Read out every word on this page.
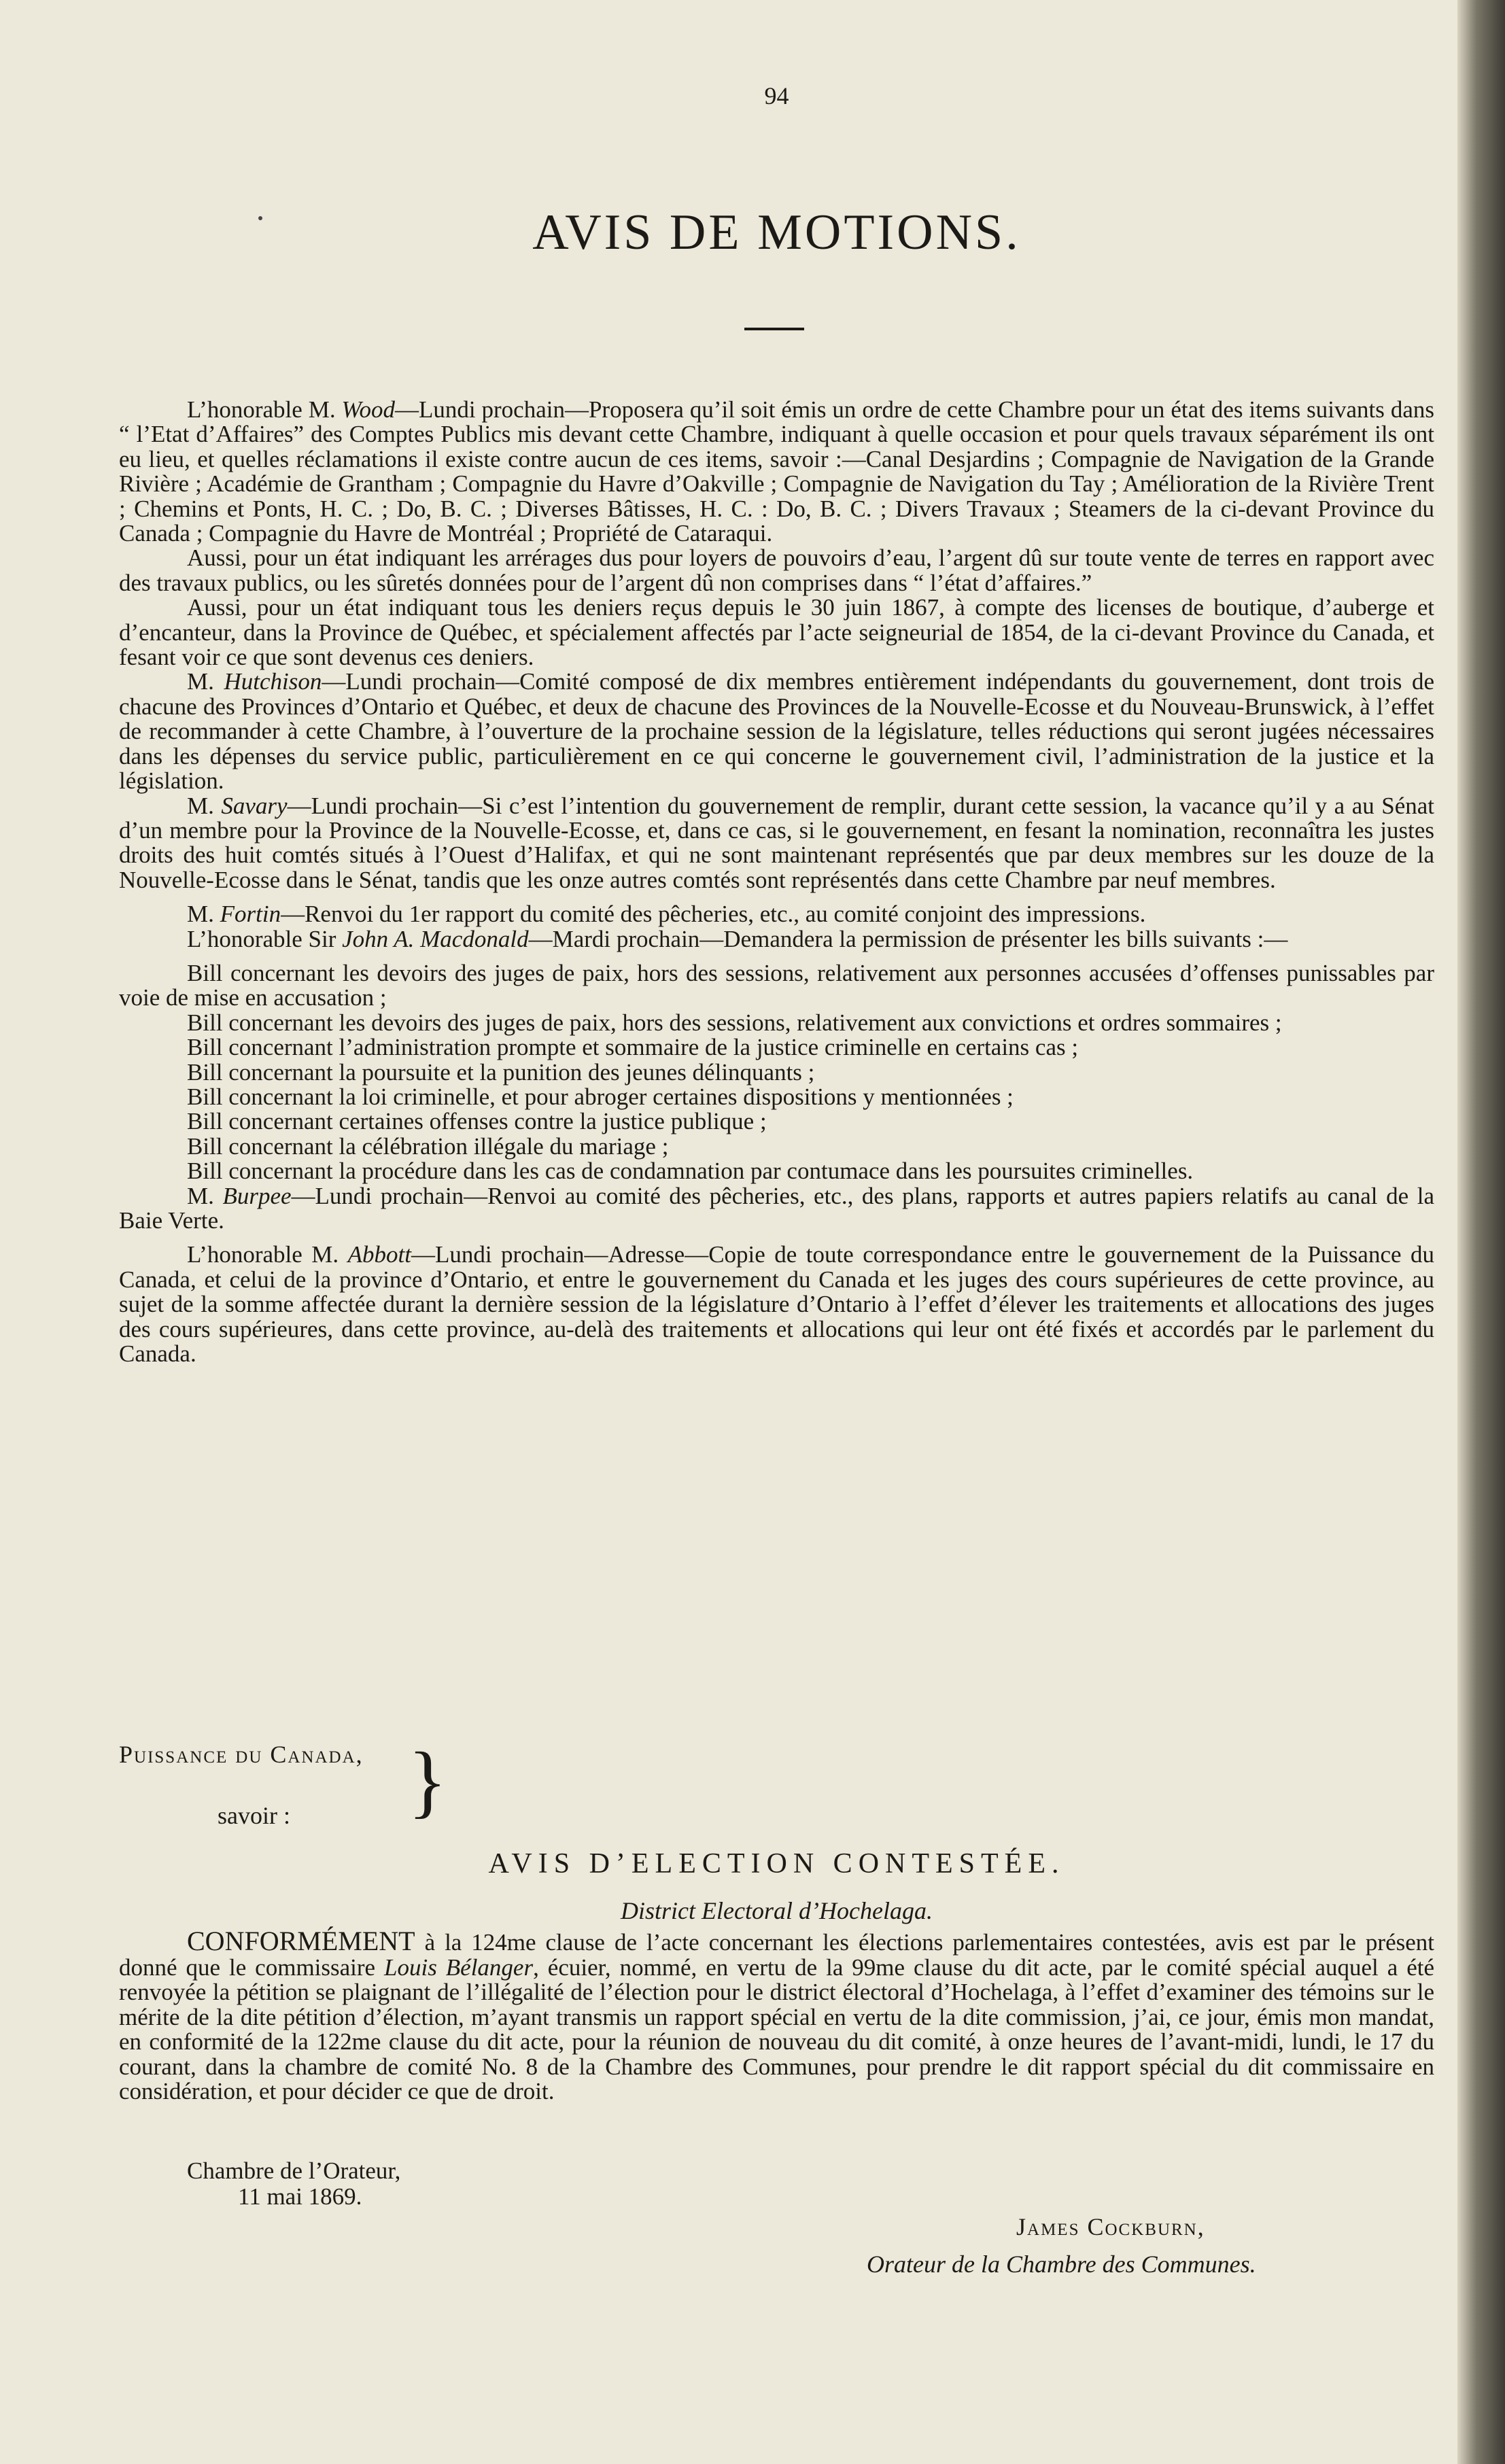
94
AVIS DE MOTIONS.

L’honorable M. Wood—Lundi prochain—Proposera qu’il soit émis un ordre de cette Chambre pour un état des items suivants dans “ l’Etat d’Affaires” des Comptes Publics mis devant cette Chambre, indiquant à quelle occasion et pour quels travaux séparément ils ont eu lieu, et quelles réclamations il existe contre aucun de ces items, savoir :—Canal Desjardins ; Compagnie de Navigation de la Grande Rivière ; Académie de Grantham ; Compagnie du Havre d’Oakville ; Compagnie de Navigation du Tay ; Amélioration de la Rivière Trent ; Chemins et Ponts, H. C. ; Do, B. C. ; Diverses Bâtisses, H. C. : Do, B. C. ; Divers Travaux ; Steamers de la ci-devant Province du Canada ; Compagnie du Havre de Montréal ; Propriété de Cataraqui.

Aussi, pour un état indiquant les arrérages dus pour loyers de pouvoirs d’eau, l’argent dû sur toute vente de terres en rapport avec des travaux publics, ou les sûretés données pour de l’argent dû non comprises dans “ l’état d’affaires.”

Aussi, pour un état indiquant tous les deniers reçus depuis le 30 juin 1867, à compte des licenses de boutique, d’auberge et d’encanteur, dans la Province de Québec, et spécialement affectés par l’acte seigneurial de 1854, de la ci-devant Province du Canada, et fesant voir ce que sont devenus ces deniers.

M. Hutchison—Lundi prochain—Comité composé de dix membres entièrement indépendants du gouvernement, dont trois de chacune des Provinces d’Ontario et Québec, et deux de chacune des Provinces de la Nouvelle-Ecosse et du Nouveau-Brunswick, à l’effet de recommander à cette Chambre, à l’ouverture de la prochaine session de la législature, telles réductions qui seront jugées nécessaires dans les dépenses du service public, particulièrement en ce qui concerne le gouvernement civil, l’administration de la justice et la législation.

M. Savary—Lundi prochain—Si c’est l’intention du gouvernement de remplir, durant cette session, la vacance qu’il y a au Sénat d’un membre pour la Province de la Nouvelle-Ecosse, et, dans ce cas, si le gouvernement, en fesant la nomination, reconnaîtra les justes droits des huit comtés situés à l’Ouest d’Halifax, et qui ne sont maintenant représentés que par deux membres sur les douze de la Nouvelle-Ecosse dans le Sénat, tandis que les onze autres comtés sont représentés dans cette Chambre par neuf membres.

M. Fortin—Renvoi du 1er rapport du comité des pêcheries, etc., au comité conjoint des impressions.

L’honorable Sir John A. Macdonald—Mardi prochain—Demandera la permission de présenter les bills suivants :—

Bill concernant les devoirs des juges de paix, hors des sessions, relativement aux personnes accusées d’offenses punissables par voie de mise en accusation ;

Bill concernant les devoirs des juges de paix, hors des sessions, relativement aux convictions et ordres sommaires ;

Bill concernant l’administration prompte et sommaire de la justice criminelle en certains cas ;

Bill concernant la poursuite et la punition des jeunes délinquants ;

Bill concernant la loi criminelle, et pour abroger certaines dispositions y mentionnées ;

Bill concernant certaines offenses contre la justice publique ;

Bill concernant la célébration illégale du mariage ;

Bill concernant la procédure dans les cas de condamnation par contumace dans les poursuites criminelles.

M. Burpee—Lundi prochain—Renvoi au comité des pêcheries, etc., des plans, rapports et autres papiers relatifs au canal de la Baie Verte.

L’honorable M. Abbott—Lundi prochain—Adresse—Copie de toute correspondance entre le gouvernement de la Puissance du Canada, et celui de la province d’Ontario, et entre le gouvernement du Canada et les juges des cours supérieures de cette province, au sujet de la somme affectée durant la dernière session de la législature d’Ontario à l’effet d’élever les traitements et allocations des juges des cours supérieures, dans cette province, au-delà des traitements et allocations qui leur ont été fixés et accordés par le parlement du Canada.

Puissance du Canada,
savoir : }
AVIS D’ELECTION CONTESTÉE.
District Electoral d’Hochelaga.

CONFORMÉMENT à la 124me clause de l’acte concernant les élections parlementaires contestées, avis est par le présent donné que le commissaire Louis Bélanger, écuier, nommé, en vertu de la 99me clause du dit acte, par le comité spécial auquel a été renvoyée la pétition se plaignant de l’illégalité de l’élection pour le district électoral d’Hochelaga, à l’effet d’examiner des témoins sur le mérite de la dite pétition d’élection, m’ayant transmis un rapport spécial en vertu de la dite commission, j’ai, ce jour, émis mon mandat, en conformité de la 122me clause du dit acte, pour la réunion de nouveau du dit comité, à onze heures de l’avant-midi, lundi, le 17 du courant, dans la chambre de comité No. 8 de la Chambre des Communes, pour prendre le dit rapport spécial du dit commissaire en considération, et pour décider ce que de droit.

Chambre de l’Orateur,
11 mai 1869.
James Cockburn,
Orateur de la Chambre des Communes.
